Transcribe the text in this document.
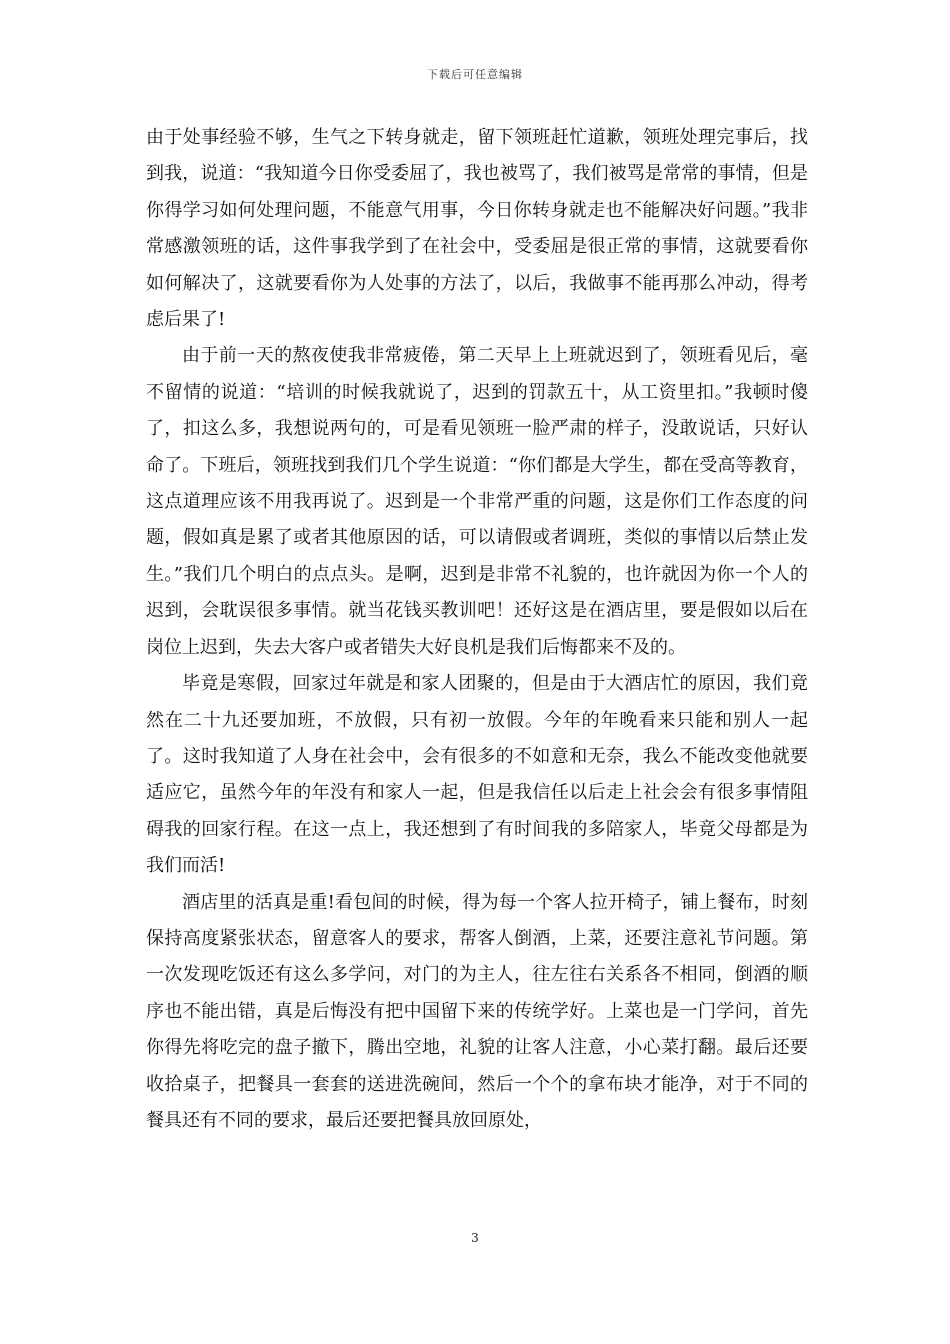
下载后可任意编辑

由于处事经验不够，生气之下转身就走，留下领班赶忙道歉，领班处理完事后，找到我，说道：“我知道今日你受委屈了，我也被骂了，我们被骂是常常的事情，但是你得学习如何处理问题，不能意气用事，今日你转身就走也不能解决好问题。”我非常感激领班的话，这件事我学到了在社会中，受委屈是很正常的事情，这就要看你如何解决了，这就要看你为人处事的方法了，以后，我做事不能再那么冲动，得考虑后果了!

由于前一天的熬夜使我非常疲倦，第二天早上上班就迟到了，领班看见后，毫不留情的说道：“培训的时候我就说了，迟到的罚款五十，从工资里扣。”我顿时傻了，扣这么多，我想说两句的，可是看见领班一脸严肃的样子，没敢说话，只好认命了。下班后，领班找到我们几个学生说道：“你们都是大学生，都在受高等教育，这点道理应该不用我再说了。迟到是一个非常严重的问题，这是你们工作态度的问题，假如真是累了或者其他原因的话，可以请假或者调班，类似的事情以后禁止发生。”我们几个明白的点点头。是啊，迟到是非常不礼貌的，也许就因为你一个人的迟到，会耽误很多事情。就当花钱买教训吧！还好这是在酒店里，要是假如以后在岗位上迟到，失去大客户或者错失大好良机是我们后悔都来不及的。

毕竟是寒假，回家过年就是和家人团聚的，但是由于大酒店忙的原因，我们竟然在二十九还要加班，不放假，只有初一放假。今年的年晚看来只能和别人一起了。这时我知道了人身在社会中，会有很多的不如意和无奈，我么不能改变他就要适应它，虽然今年的年没有和家人一起，但是我信任以后走上社会会有很多事情阻碍我的回家行程。在这一点上，我还想到了有时间我的多陪家人，毕竟父母都是为我们而活!

酒店里的活真是重!看包间的时候，得为每一个客人拉开椅子，铺上餐布，时刻保持高度紧张状态，留意客人的要求，帮客人倒酒，上菜，还要注意礼节问题。第一次发现吃饭还有这么多学问，对门的为主人，往左往右关系各不相同，倒酒的顺序也不能出错，真是后悔没有把中国留下来的传统学好。上菜也是一门学问，首先你得先将吃完的盘子撤下，腾出空地，礼貌的让客人注意，小心菜打翻。最后还要收拾桌子，把餐具一套套的送进洗碗间，然后一个个的拿布块才能净，对于不同的餐具还有不同的要求，最后还要把餐具放回原处，

3
